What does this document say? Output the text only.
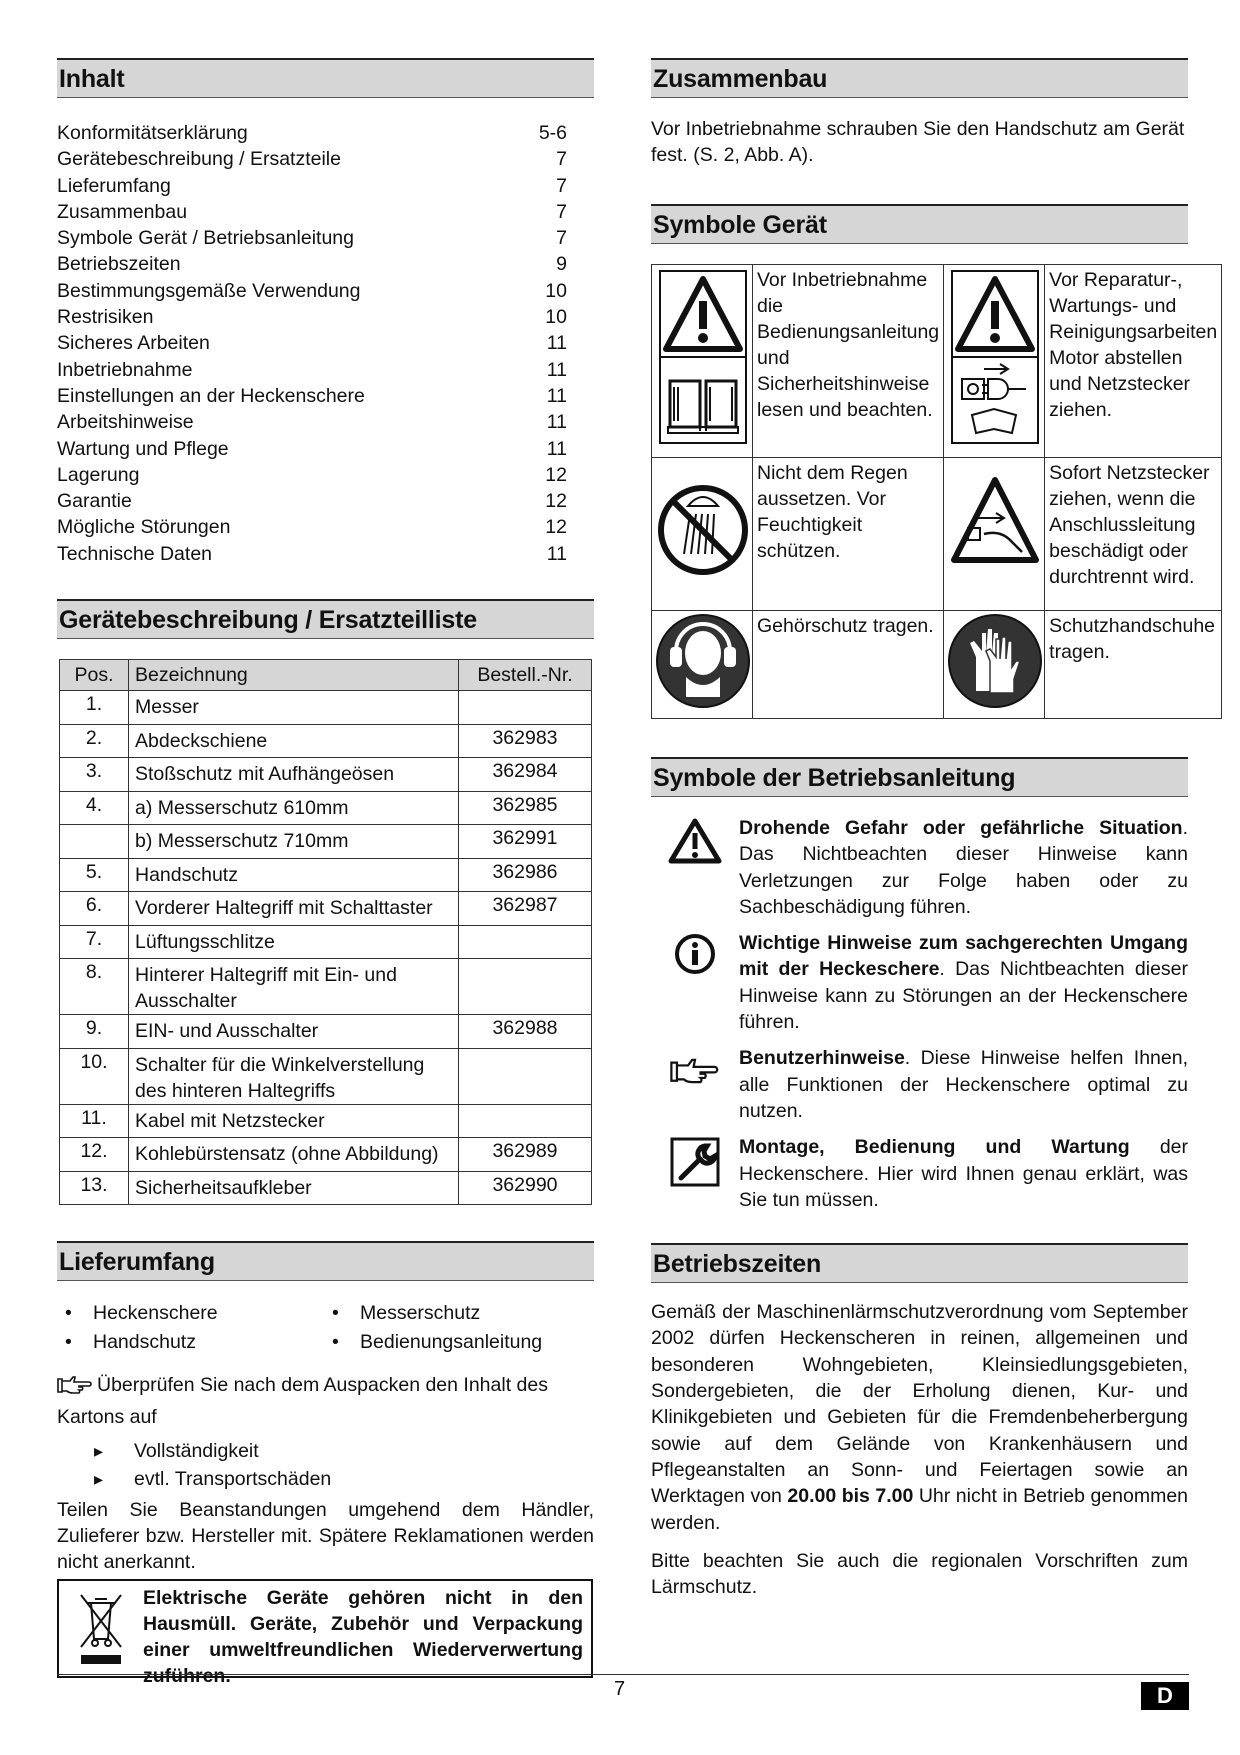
Inhalt
Konformitätserklärung	5-6
Gerätebeschreibung / Ersatzteile	7
Lieferumfang	7
Zusammenbau	7
Symbole Gerät / Betriebsanleitung	7
Betriebszeiten	9
Bestimmungsgemäße Verwendung	10
Restrisiken	10
Sicheres Arbeiten	11
Inbetriebnahme	11
Einstellungen an der Heckenschere	11
Arbeitshinweise	11
Wartung und Pflege	11
Lagerung	12
Garantie	12
Mögliche Störungen	12
Technische Daten	11
Gerätebeschreibung / Ersatzteilliste
Pos.	Bezeichnung	Bestell.-Nr.
1.	Messer	
2.	Abdeckschiene	362983
3.	Stoßschutz mit Aufhängeösen	362984
4.	a) Messerschutz 610mm	362985
	b) Messerschutz 710mm	362991
5.	Handschutz	362986
6.	Vorderer Haltegriff mit Schalttaster	362987
7.	Lüftungsschlitze	
8.	Hinterer Haltegriff mit Ein- und Ausschalter	
9.	EIN- und Ausschalter	362988
10.	Schalter für die Winkelverstellung des hinteren Haltegriffs	
11.	Kabel mit Netzstecker	
12.	Kohlebürstensatz (ohne Abbildung)	362989
13.	Sicherheitsaufkleber	362990
Lieferumfang
• Heckenschere
• Handschutz
• Messerschutz
• Bedienungsanleitung

Überprüfen Sie nach dem Auspacken den Inhalt des Kartons auf

▸ Vollständigkeit
▸ evtl. Transportschäden

Teilen Sie Beanstandungen umgehend dem Händler, Zulieferer bzw. Hersteller mit. Spätere Reklamationen werden nicht anerkannt.

Elektrische Geräte gehören nicht in den Hausmüll. Geräte, Zubehör und Verpackung einer umweltfreundlichen Wiederverwertung zuführen.
Zusammenbau

Vor Inbetriebnahme schrauben Sie den Handschutz am Gerät fest. (S. 2, Abb. A).

Symbole Gerät
	Vor Inbetriebnahme die Bedienungsanleitung und Sicherheitshinweise lesen und beachten.		Vor Reparatur-, Wartungs- und Reinigungsarbeiten Motor abstellen und Netzstecker ziehen.
	Nicht dem Regen aussetzen. Vor Feuchtigkeit schützen.		Sofort Netzstecker ziehen, wenn die Anschlussleitung beschädigt oder durchtrennt wird.
	Gehörschutz tragen.		Schutzhandschuhe tragen.
Symbole der Betriebsanleitung
Drohende Gefahr oder gefährliche Situation. Das Nichtbeachten dieser Hinweise kann Verletzungen zur Folge haben oder zu Sachbeschädigung führen.
Wichtige Hinweise zum sachgerechten Umgang mit der Heckeschere. Das Nichtbeachten dieser Hinweise kann zu Störungen an der Heckenschere führen.
Benutzerhinweise. Diese Hinweise helfen Ihnen, alle Funktionen der Heckenschere optimal zu nutzen.
Montage, Bedienung und Wartung der Heckenschere. Hier wird Ihnen genau erklärt, was Sie tun müssen.
Betriebszeiten

Gemäß der Maschinenlärmschutzverordnung vom September 2002 dürfen Heckenscheren in reinen, allgemeinen und besonderen Wohngebieten, Kleinsiedlungsgebieten, Sondergebieten, die der Erholung dienen, Kur- und Klinikgebieten und Gebieten für die Fremdenbeherbergung sowie auf dem Gelände von Krankenhäusern und Pflegeanstalten an Sonn- und Feiertagen sowie an Werktagen von 20.00 bis 7.00 Uhr nicht in Betrieb genommen werden.

Bitte beachten Sie auch die regionalen Vorschriften zum Lärmschutz.

7	D
